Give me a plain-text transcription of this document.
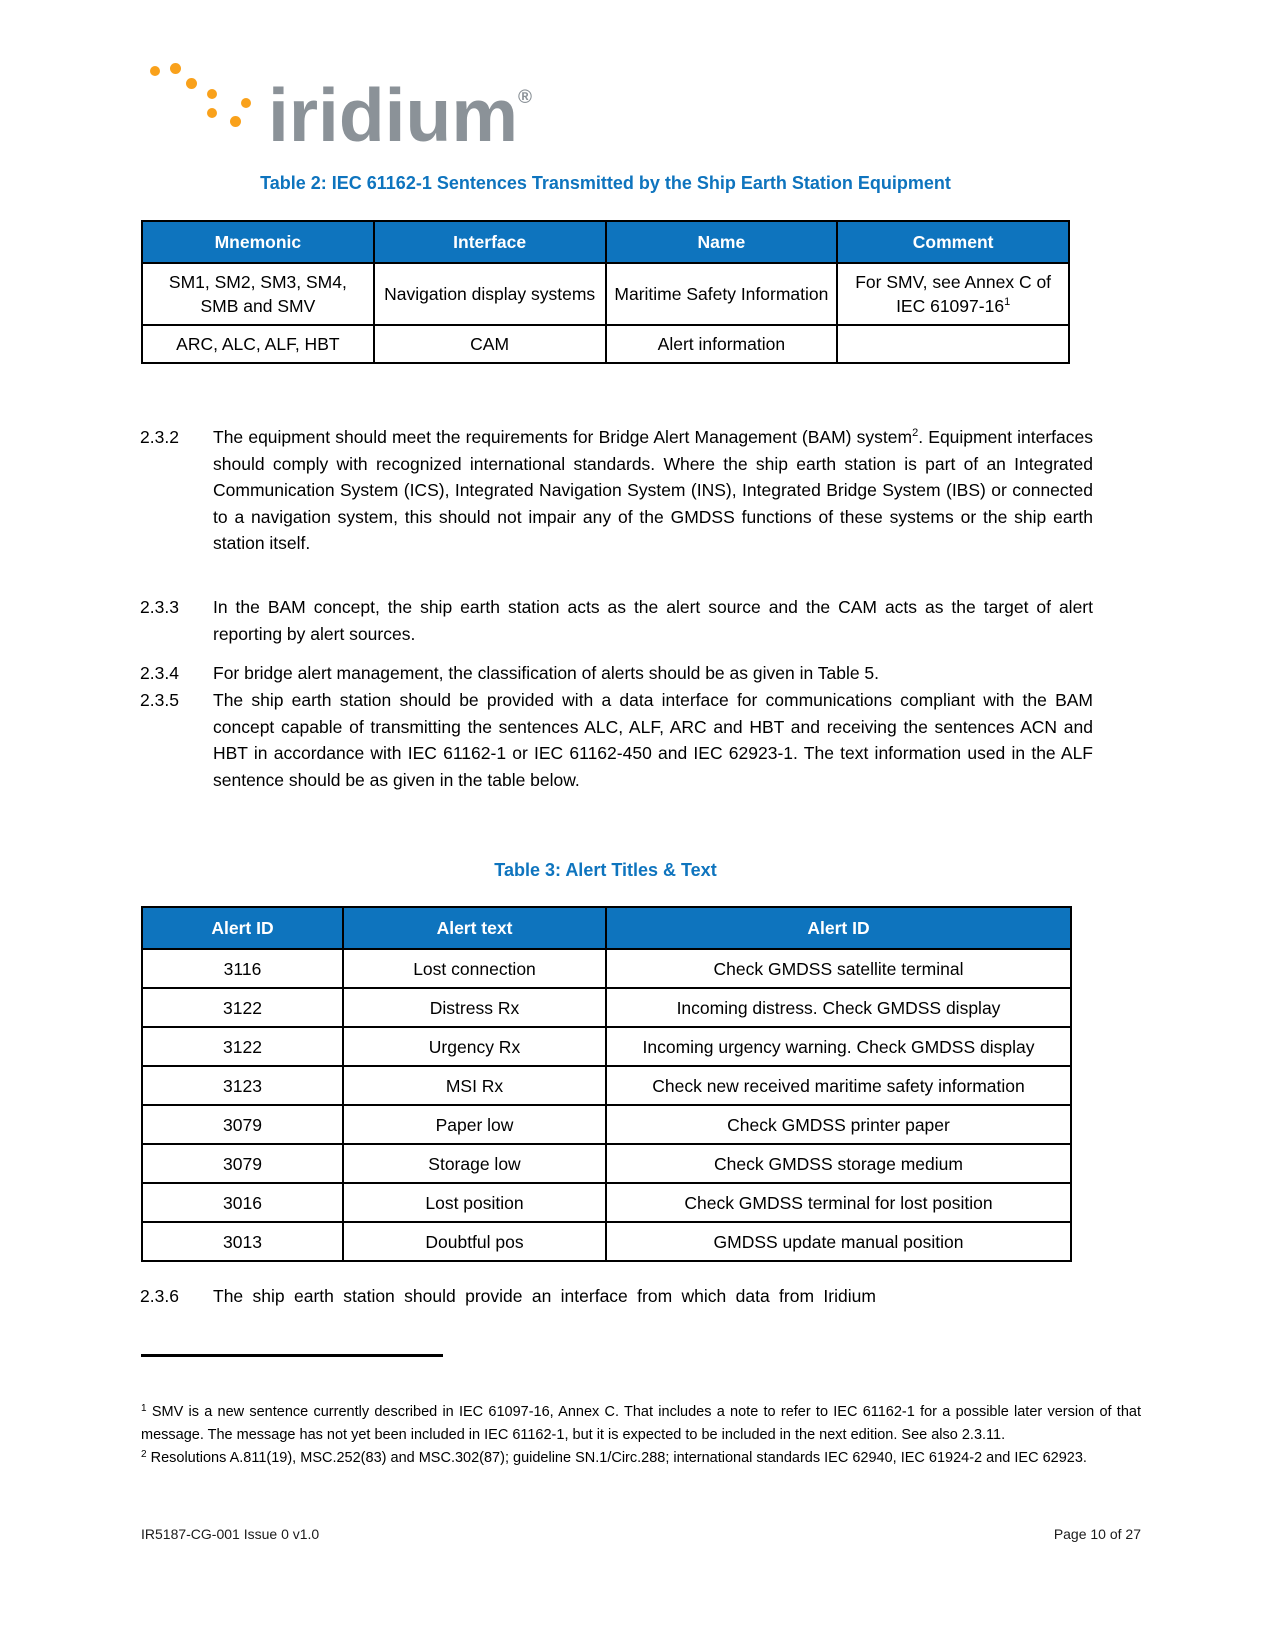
iridium®
Table 2: IEC 61162-1 Sentences Transmitted by the Ship Earth Station Equipment
Mnemonic	Interface	Name	Comment
SM1, SM2, SM3, SM4, SMB and SMV	Navigation display systems	Maritime Safety Information	For SMV, see Annex C of IEC 61097-16$^1$
ARC, ALC, ALF, HBT	CAM	Alert information	
2.3.2	The equipment should meet the requirements for Bridge Alert Management (BAM) system$^2$. Equipment interfaces should comply with recognized international standards. Where the ship earth station is part of an Integrated Communication System (ICS), Integrated Navigation System (INS), Integrated Bridge System (IBS) or connected to a navigation system, this should not impair any of the GMDSS functions of these systems or the ship earth station itself.
2.3.3	In the BAM concept, the ship earth station acts as the alert source and the CAM acts as the target of alert reporting by alert sources.
2.3.4	For bridge alert management, the classification of alerts should be as given in Table 5.
2.3.5	The ship earth station should be provided with a data interface for communications compliant with the BAM concept capable of transmitting the sentences ALC, ALF, ARC and HBT and receiving the sentences ACN and HBT in accordance with IEC 61162-1 or IEC 61162-450 and IEC 62923-1. The text information used in the ALF sentence should be as given in the table below.
Table 3: Alert Titles & Text
Alert ID	Alert text	Alert ID
3116	Lost connection	Check GMDSS satellite terminal
3122	Distress Rx	Incoming distress. Check GMDSS display
3122	Urgency Rx	Incoming urgency warning. Check GMDSS display
3123	MSI Rx	Check new received maritime safety information
3079	Paper low	Check GMDSS printer paper
3079	Storage low	Check GMDSS storage medium
3016	Lost position	Check GMDSS terminal for lost position
3013	Doubtful pos	GMDSS update manual position
2.3.6	The ship earth station should provide an interface from which data from Iridium
$^1$ SMV is a new sentence currently described in IEC 61097-16, Annex C. That includes a note to refer to IEC 61162-1 for a possible later version of that message. The message has not yet been included in IEC 61162-1, but it is expected to be included in the next edition. See also 2.3.11.
$^2$ Resolutions A.811(19), MSC.252(83) and MSC.302(87); guideline SN.1/Circ.288; international standards IEC 62940, IEC 61924-2 and IEC 62923.
IR5187-CG-001 Issue 0 v1.0	Page 10 of 27
